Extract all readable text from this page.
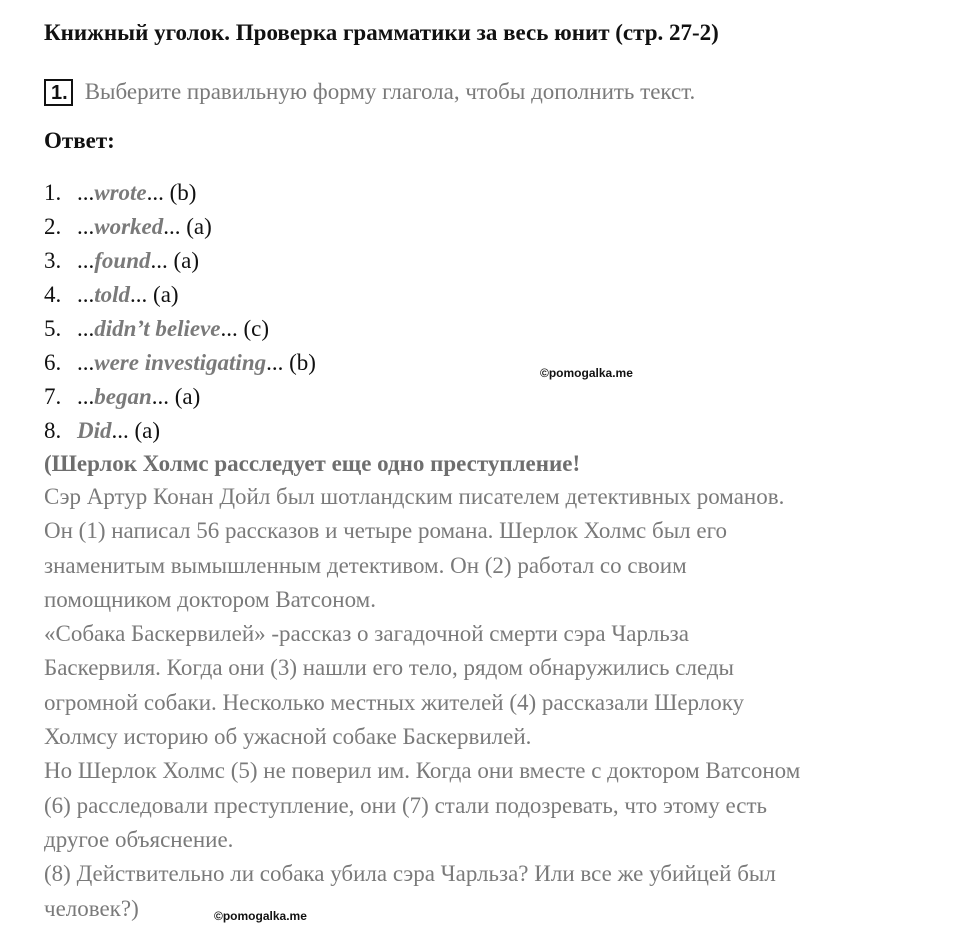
Книжный уголок. Проверка грамматики за весь юнит (стр. 27-2)
1. Выберите правильную форму глагола, чтобы дополнить текст.
Ответ:
1. ...wrote... (b)
2. ...worked... (a)
3. ...found... (a)
4. ...told... (a)
5. ...didn’t believe... (c)
6. ...were investigating... (b)
7. ...began... (a)
8. Did... (a)
(Шерлок Холмс расследует еще одно преступление!

Сэр Артур Конан Дойл был шотландским писателем детективных романов.

Он (1) написал 56 рассказов и четыре романа. Шерлок Холмс был его

знаменитым вымышленным детективом. Он (2) работал со своим

помощником доктором Ватсоном.

«Собака Баскервилей» -рассказ о загадочной смерти сэра Чарльза

Баскервиля. Когда они (3) нашли его тело, рядом обнаружились следы

огромной собаки. Несколько местных жителей (4) рассказали Шерлоку

Холмсу историю об ужасной собаке Баскервилей.

Но Шерлок Холмс (5) не поверил им. Когда они вместе с доктором Ватсоном

(6) расследовали преступление, они (7) стали подозревать, что этому есть

другое объяснение.

(8) Действительно ли собака убила сэра Чарльза? Или все же убийцей был

человек?)

©pomogalka.me
©pomogalka.me
